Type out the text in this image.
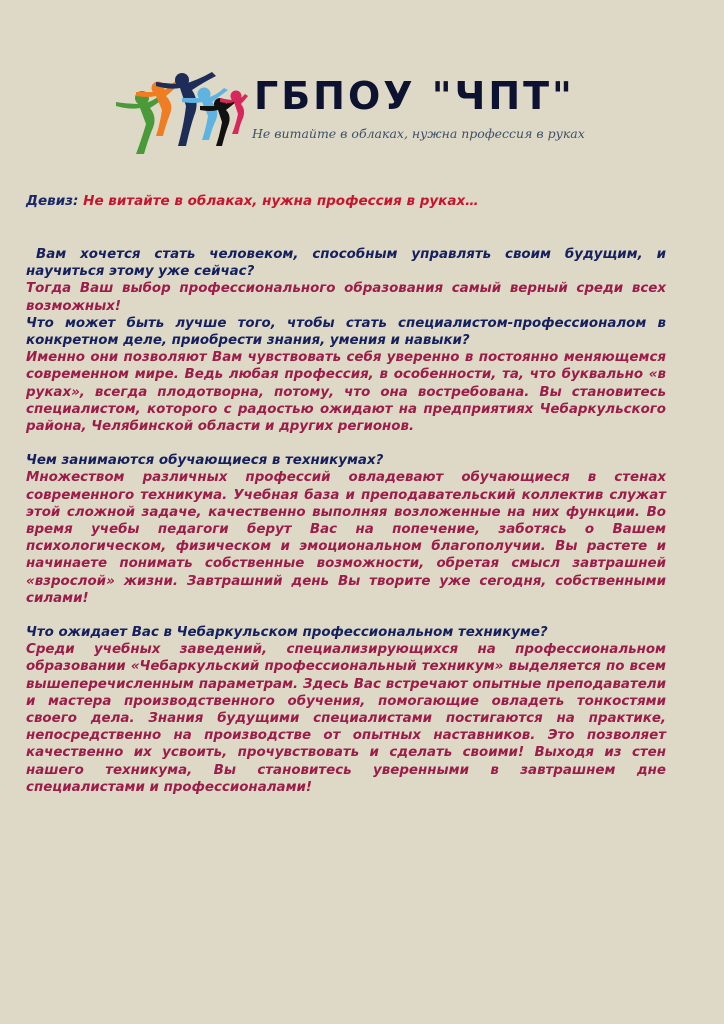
ГБПОУ "ЧПТ"
Не витайте в облаках, нужна профессия в руках
Девиз: Не витайте в облаках, нужна профессия в руках…

Вам хочется стать человеком, способным управлять своим будущим, и научиться этому уже сейчас?

Тогда Ваш выбор профессионального образования самый верный среди всех возможных!

Что может быть лучше того, чтобы стать специалистом-профессионалом в конкретном деле, приобрести знания, умения и навыки?

Именно они позволяют Вам чувствовать себя уверенно в постоянно меняющемся современном мире. Ведь любая профессия, в особенности, та, что буквально «в руках», всегда плодотворна, потому, что она востребована. Вы становитесь специалистом, которого с радостью ожидают на предприятиях Чебаркульского района, Челябинской области и других регионов.

Чем занимаются обучающиеся в техникумах?

Множеством различных профессий овладевают обучающиеся в стенах современного техникума. Учебная база и преподавательский коллектив служат этой сложной задаче, качественно выполняя возложенные на них функции. Во время учебы педагоги берут Вас на попечение, заботясь о Вашем психологическом, физическом и эмоциональном благополучии. Вы растете и начинаете понимать собственные возможности, обретая смысл завтрашней «взрослой» жизни. Завтрашний день Вы творите уже сегодня, собственными силами!

Что ожидает Вас в Чебаркульском профессиональном техникуме?

Среди учебных заведений, специализирующихся на профессиональном образовании «Чебаркульский профессиональный техникум» выделяется по всем вышеперечисленным параметрам. Здесь Вас встречают опытные преподаватели и мастера производственного обучения, помогающие овладеть тонкостями своего дела. Знания будущими специалистами постигаются на практике, непосредственно на производстве от опытных наставников. Это позволяет качественно их усвоить, прочувствовать и сделать своими! Выходя из стен нашего техникума, Вы становитесь уверенными в завтрашнем дне специалистами и профессионалами!
